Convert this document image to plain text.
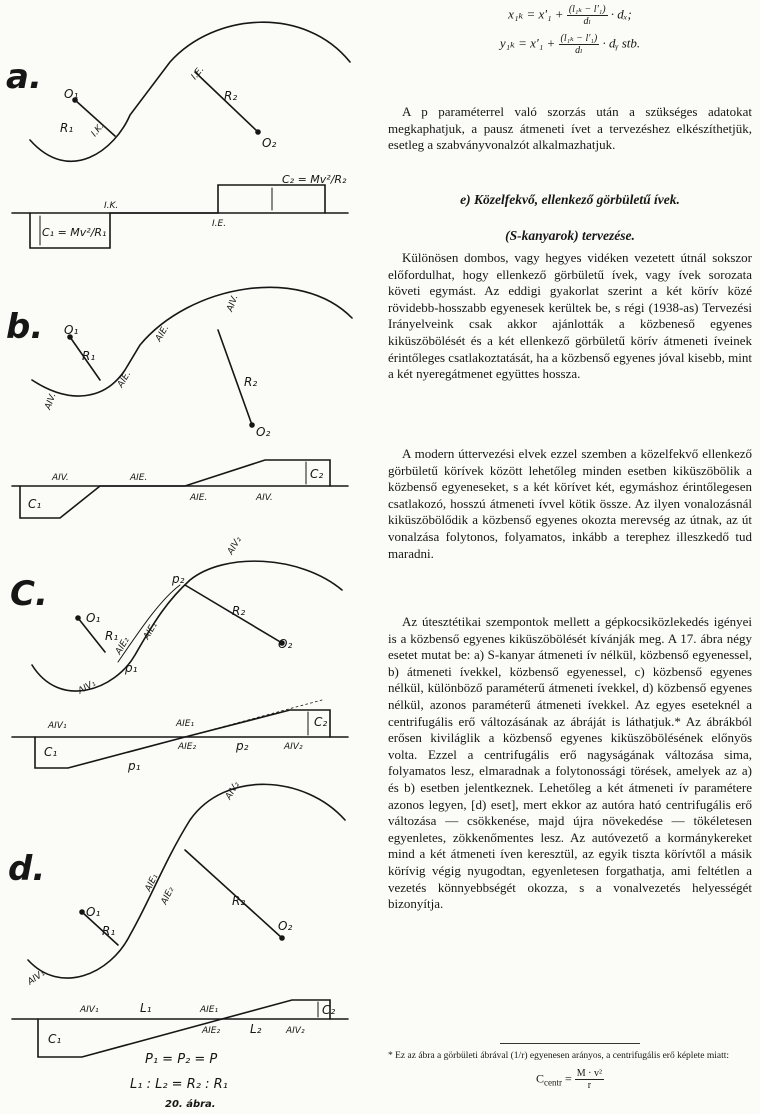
a. O₁
R₁ I.K.
I.E.
R₂
O₂
I.K.
I.E.
C₁ = Mv²/R₁
C₂ = Mv²/R₂
b. O₁
R₁
AIV.
AIE.
AIE.
AIV.
R₂
O₂
AIV.	AIE.
AIE.	AIV.
C₁
C₂
C.
O₁
R₁
p₁
AIV₁
AIE₂
AIE₁
p₂
AIV₂
R₂
O₂
AIV₁	AIE₁
AIE₂	AIV₂
p₂
p₁
C₁
C₂
d.
O₁
R₁
AIV₁
AIE₁
AIE₂
AIV₂
R₂
O₂
AIV₁	L₁	AIE₁
AIE₂ L₂	AIV₂
C₁
C₂
P₁ = P₂ = P
L₁ : L₂ = R₂ : R₁
20. ábra.
$x_{1k} = x'_1 + \frac{\text{(l₁ₖ − l'₁)}}{\text{dₗ}} \cdot d_x$;
$y_{1k} = x'_1 + \frac{\text{(l₁ₖ − l'₁)}}{\text{dₗ}}$ · dᵧ stb.

A p paraméterrel való szorzás után a szükséges adatokat megkaphatjuk, a pausz átmeneti ívet a tervezéshez elkészíthetjük, esetleg a szabványvonalzót alkalmazhatjuk.

e) Közelfekvő, ellenkező görbületű ívek.

(S-kanyarok) tervezése.

Különösen dombos, vagy hegyes vidéken vezetett útnál sokszor előfordulhat, hogy ellenkező görbületű ívek, vagy ívek sorozata követi egymást. Az eddigi gyakorlat szerint a két körív közé rövidebb-hosszabb egyenesek kerültek be, s régi (1938-as) Tervezési Irányelveink csak akkor ajánlották a közbeneső egyenes kiküszöbölését és a két ellenkező görbületű körív átmeneti íveinek érintőleges csatlakoztatását, ha a közbenső egyenes jóval kisebb, mint a két nyeregátmenet együttes hossza.

A modern úttervezési elvek ezzel szemben a közelfekvő ellenkező görbületű körívek között lehetőleg minden esetben kiküszöbölik a közbenső egyeneseket, s a két körívet két, egymáshoz érintőlegesen csatlakozó, hosszú átmeneti ívvel kötik össze. Az ilyen vonalozásnál kiküszöbölődik a közbenső egyenes okozta merevség az útnak, az út vonalzása folytonos, folyamatos, inkább a terephez illeszkedő tud maradni.

Az útesztétikai szempontok mellett a gépkocsiközlekedés igényei is a közbenső egyenes kiküszöbölését kívánják meg. A 17. ábra négy esetet mutat be: a) S-kanyar átmeneti ív nélkül, közbenső egyenessel, b) átmeneti ívekkel, közbenső egyenessel, c) közbenső egyenes nélkül, különböző paraméterű átmeneti ívekkel, d) közbenső egyenes nélkül, azonos paraméterű átmeneti ívekkel. Az egyes eseteknél a centrifugális erő változásának az ábráját is láthatjuk.* Az ábrákból erősen kiviláglik a közbenső egyenes kiküszöbölésének előnyös volta. Ezzel a centrifugális erő nagyságának változása sima, folyamatos lesz, elmaradnak a folytonossági törések, amelyek az a) és b) esetben jelentkeznek. Lehetőleg a két átmeneti ív paramétere azonos legyen, [d) eset], mert ekkor az autóra ható centrifugális erő változása — csökkenése, majd újra növekedése — tökéletesen egyenletes, zökkenőmentes lesz. Az autóvezető a kormánykereket mind a két átmeneti íven keresztül, az egyik tiszta körívtől a másik körívig végig nyugodtan, egyenletesen forgathatja, ami feltétlen a vezetés könnyebbségét okozza, s a vonalvezetés helyességét bizonyítja.

* Ez az ábra a görbületi ábrával (1/r) egyenesen arányos, a centrifugális erő képlete miatt:
$C_{centr} = \frac{\text{M · v²}}{r}$
